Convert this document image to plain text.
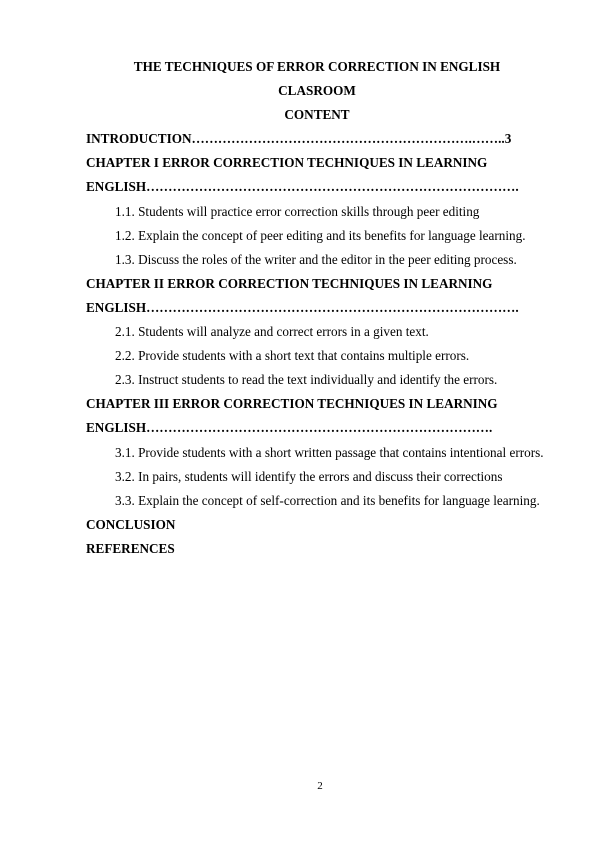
THE TECHNIQUES OF ERROR CORRECTION IN ENGLISH
CLASROOM
CONTENT
INTRODUCTION……………………………………………………….……..3
CHAPTER I ERROR CORRECTION TECHNIQUES IN LEARNING
ENGLISH………………………………………………………………………….
1.1. Students will practice error correction skills through peer editing
1.2. Explain the concept of peer editing and its benefits for language learning.
1.3. Discuss the roles of the writer and the editor in the peer editing process.
CHAPTER II ERROR CORRECTION TECHNIQUES IN LEARNING
ENGLISH………………………………………………………………………….
2.1. Students will analyze and correct errors in a given text.
2.2. Provide students with a short text that contains multiple errors.
2.3. Instruct students to read the text individually and identify the errors.
CHAPTER III ERROR CORRECTION TECHNIQUES IN LEARNING
ENGLISH…………………………………………………………………….
3.1. Provide students with a short written passage that contains intentional errors.
3.2. In pairs, students will identify the errors and discuss their corrections
3.3. Explain the concept of self-correction and its benefits for language learning.
CONCLUSION
REFERENCES
2
